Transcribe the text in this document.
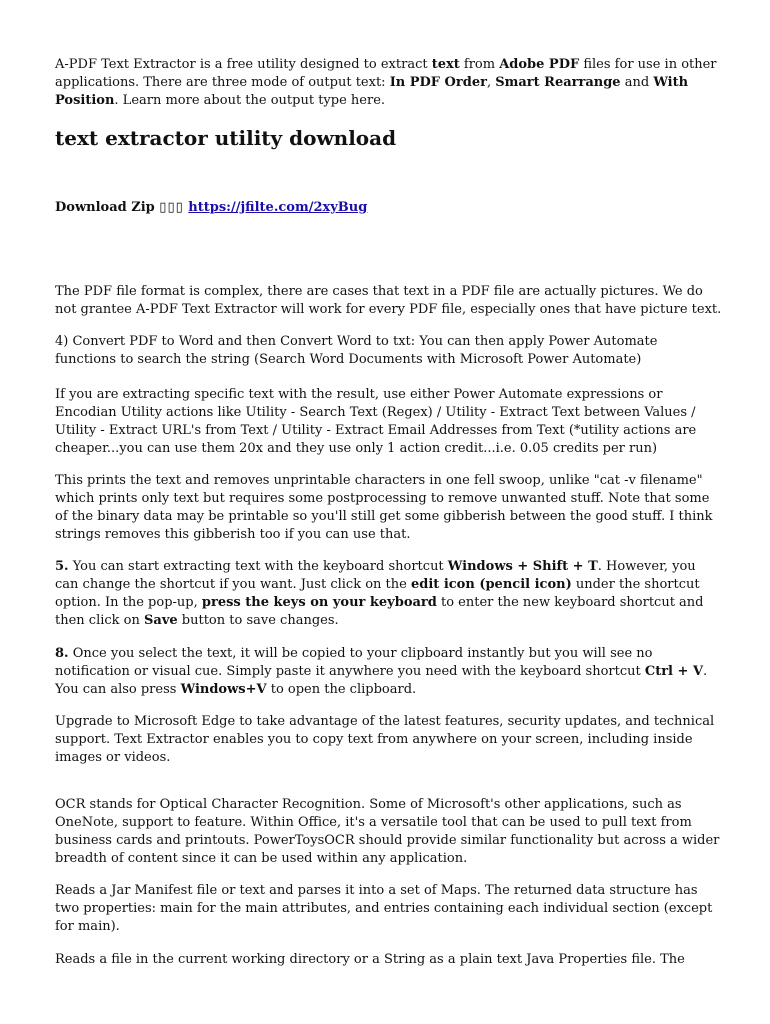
A-PDF Text Extractor is a free utility designed to extract text from Adobe PDF files for use in other
applications. There are three mode of output text: In PDF Order, Smart Rearrange and With
Position. Learn more about the output type here.

text extractor utility download

Download Zip ▯▯▯ https://jfilte.com/2xyBug

The PDF file format is complex, there are cases that text in a PDF file are actually pictures. We do
not grantee A-PDF Text Extractor will work for every PDF file, especially ones that have picture text.

4) Convert PDF to Word and then Convert Word to txt: You can then apply Power Automate
functions to search the string (Search Word Documents with Microsoft Power Automate)

If you are extracting specific text with the result, use either Power Automate expressions or
Encodian Utility actions like Utility - Search Text (Regex) / Utility - Extract Text between Values /
Utility - Extract URL's from Text / Utility - Extract Email Addresses from Text (*utility actions are
cheaper...you can use them 20x and they use only 1 action credit...i.e. 0.05 credits per run)

This prints the text and removes unprintable characters in one fell swoop, unlike "cat -v filename"
which prints only text but requires some postprocessing to remove unwanted stuff. Note that some
of the binary data may be printable so you'll still get some gibberish between the good stuff. I think
strings removes this gibberish too if you can use that.

5. You can start extracting text with the keyboard shortcut Windows + Shift + T. However, you
can change the shortcut if you want. Just click on the edit icon (pencil icon) under the shortcut
option. In the pop-up, press the keys on your keyboard to enter the new keyboard shortcut and
then click on Save button to save changes.

8. Once you select the text, it will be copied to your clipboard instantly but you will see no
notification or visual cue. Simply paste it anywhere you need with the keyboard shortcut Ctrl + V.
You can also press Windows+V to open the clipboard.

Upgrade to Microsoft Edge to take advantage of the latest features, security updates, and technical
support. Text Extractor enables you to copy text from anywhere on your screen, including inside
images or videos.

OCR stands for Optical Character Recognition. Some of Microsoft's other applications, such as
OneNote, support to feature. Within Office, it's a versatile tool that can be used to pull text from
business cards and printouts. PowerToysOCR should provide similar functionality but across a wider
breadth of content since it can be used within any application.

Reads a Jar Manifest file or text and parses it into a set of Maps. The returned data structure has
two properties: main for the main attributes, and entries containing each individual section (except
for main).

Reads a file in the current working directory or a String as a plain text Java Properties file. The
